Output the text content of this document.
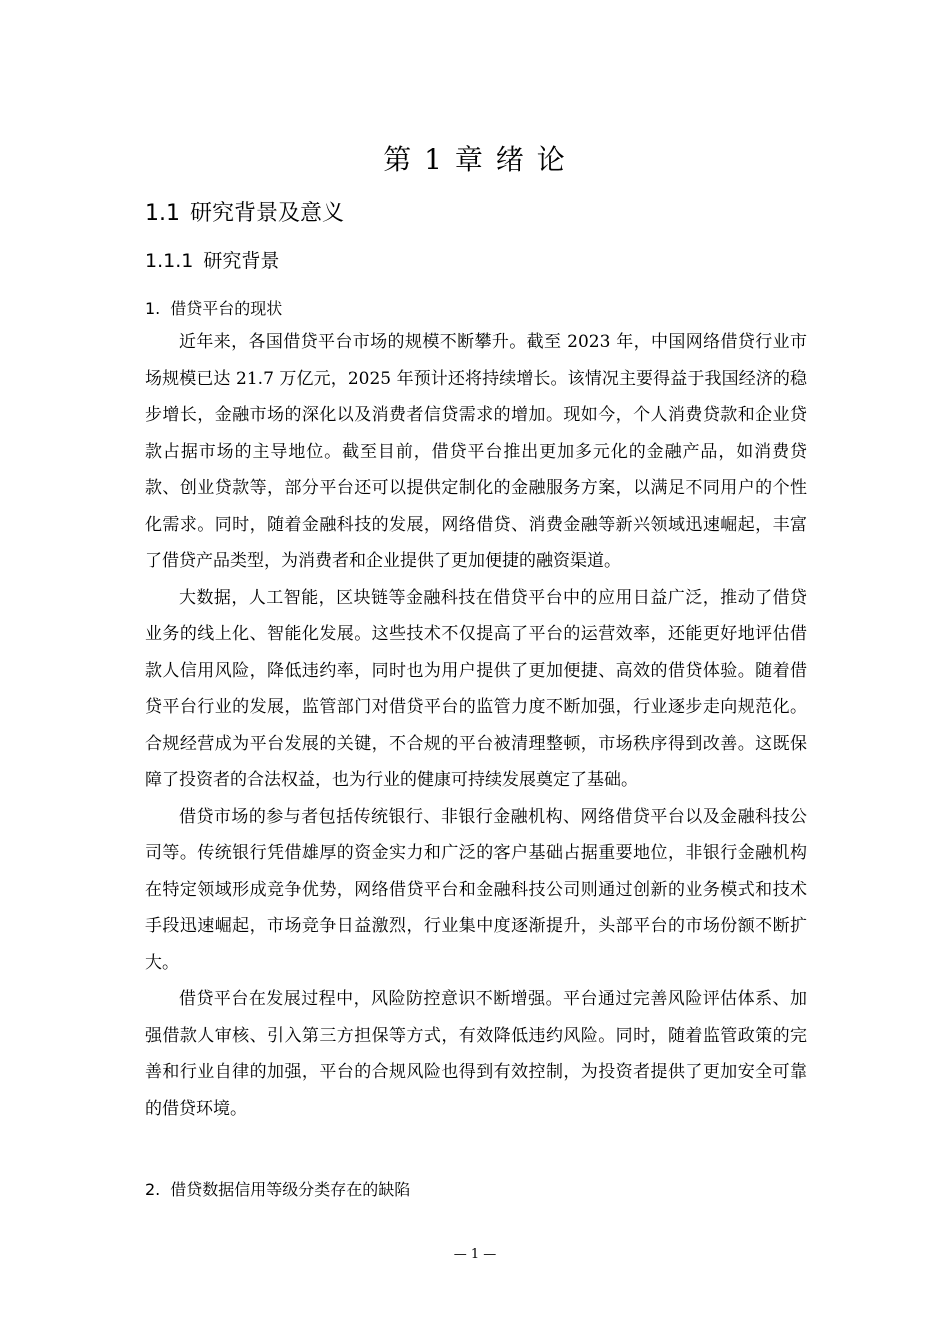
第 1 章 绪 论
1.1 研究背景及意义
1.1.1 研究背景
1. 借贷平台的现状

近年来，各国借贷平台市场的规模不断攀升。截至 2023 年，中国网络借贷行业市场规模已达 21.7 万亿元，2025 年预计还将持续增长。该情况主要得益于我国经济的稳步增长，金融市场的深化以及消费者信贷需求的增加。现如今，个人消费贷款和企业贷款占据市场的主导地位。截至目前，借贷平台推出更加多元化的金融产品，如消费贷款、创业贷款等，部分平台还可以提供定制化的金融服务方案，以满足不同用户的个性化需求。同时，随着金融科技的发展，网络借贷、消费金融等新兴领域迅速崛起，丰富了借贷产品类型，为消费者和企业提供了更加便捷的融资渠道。

大数据，人工智能，区块链等金融科技在借贷平台中的应用日益广泛，推动了借贷业务的线上化、智能化发展。这些技术不仅提高了平台的运营效率，还能更好地评估借款人信用风险，降低违约率，同时也为用户提供了更加便捷、高效的借贷体验。随着借贷平台行业的发展，监管部门对借贷平台的监管力度不断加强，行业逐步走向规范化。合规经营成为平台发展的关键，不合规的平台被清理整顿，市场秩序得到改善。这既保障了投资者的合法权益，也为行业的健康可持续发展奠定了基础。

借贷市场的参与者包括传统银行、非银行金融机构、网络借贷平台以及金融科技公司等。传统银行凭借雄厚的资金实力和广泛的客户基础占据重要地位，非银行金融机构在特定领域形成竞争优势，网络借贷平台和金融科技公司则通过创新的业务模式和技术手段迅速崛起，市场竞争日益激烈，行业集中度逐渐提升，头部平台的市场份额不断扩大。

借贷平台在发展过程中，风险防控意识不断增强。平台通过完善风险评估体系、加强借款人审核、引入第三方担保等方式，有效降低违约风险。同时，随着监管政策的完善和行业自律的加强，平台的合规风险也得到有效控制，为投资者提供了更加安全可靠的借贷环境。

2. 借贷数据信用等级分类存在的缺陷
— 1 —
